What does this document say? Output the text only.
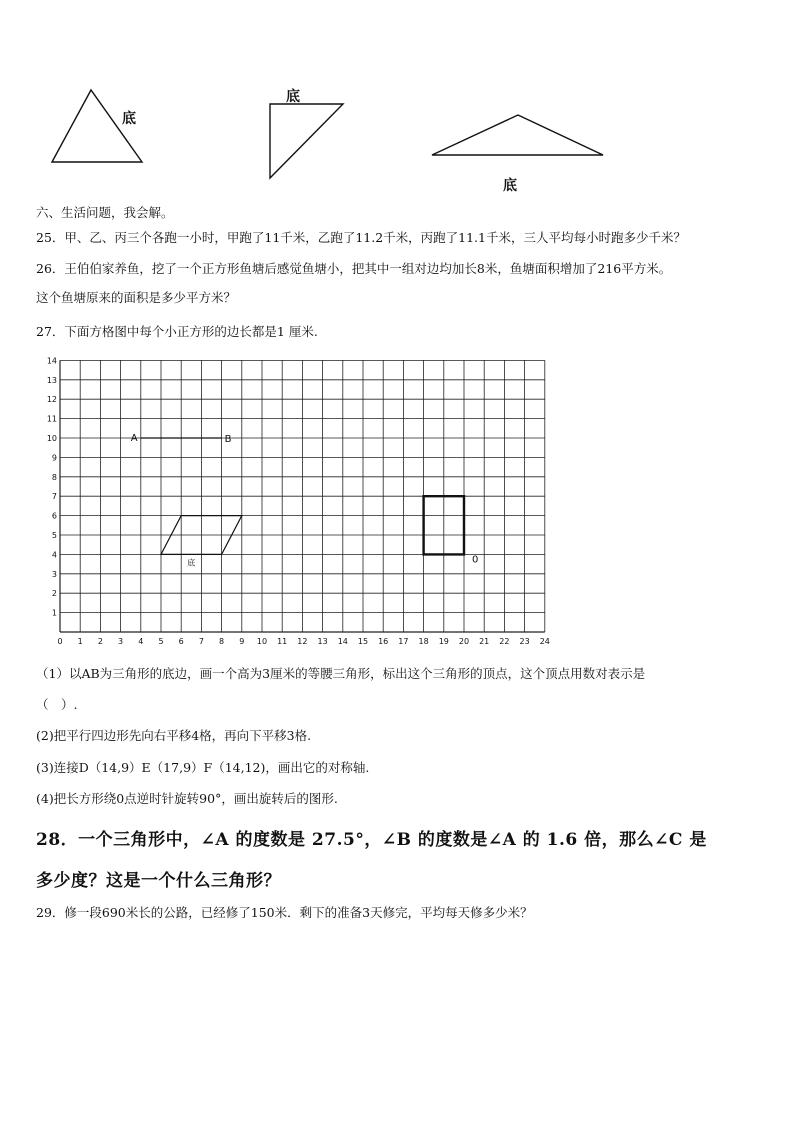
底
底
底
六、生活问题，我会解。
25．甲、乙、丙三个各跑一小时，甲跑了11千米，乙跑了11.2千米，丙跑了11.1千米，三人平均每小时跑多少千米？
26．王伯伯家养鱼，挖了一个正方形鱼塘后感觉鱼塘小，把其中一组对边均加长8米，鱼塘面积增加了216平方米。
这个鱼塘原来的面积是多少平方米？
27．下面方格图中每个小正方形的边长都是1 厘米.
0 1 2 3 4 5 6 7 8 9 10 11 12 13 14 15 16 17 18 19 20 21 22 23 24
1
2
3
4
5
6
7
8
9
10
11
12
13
14
A	B
底	0
（1）以AB为三角形的底边，画一个高为3厘米的等腰三角形，标出这个三角形的顶点，这个顶点用数对表示是
（　）.
(2)把平行四边形先向右平移4格，再向下平移3格.
(3)连接D（14,9）E（17,9）F（14,12)，画出它的对称轴.
(4)把长方形绕0点逆时针旋转90°，画出旋转后的图形.
28．一个三角形中，∠A 的度数是 27.5°，∠B 的度数是∠A 的 1.6 倍，那么∠C 是
多少度？这是一个什么三角形？
29．修一段690米长的公路，已经修了150米．剩下的准备3天修完，平均每天修多少米？
